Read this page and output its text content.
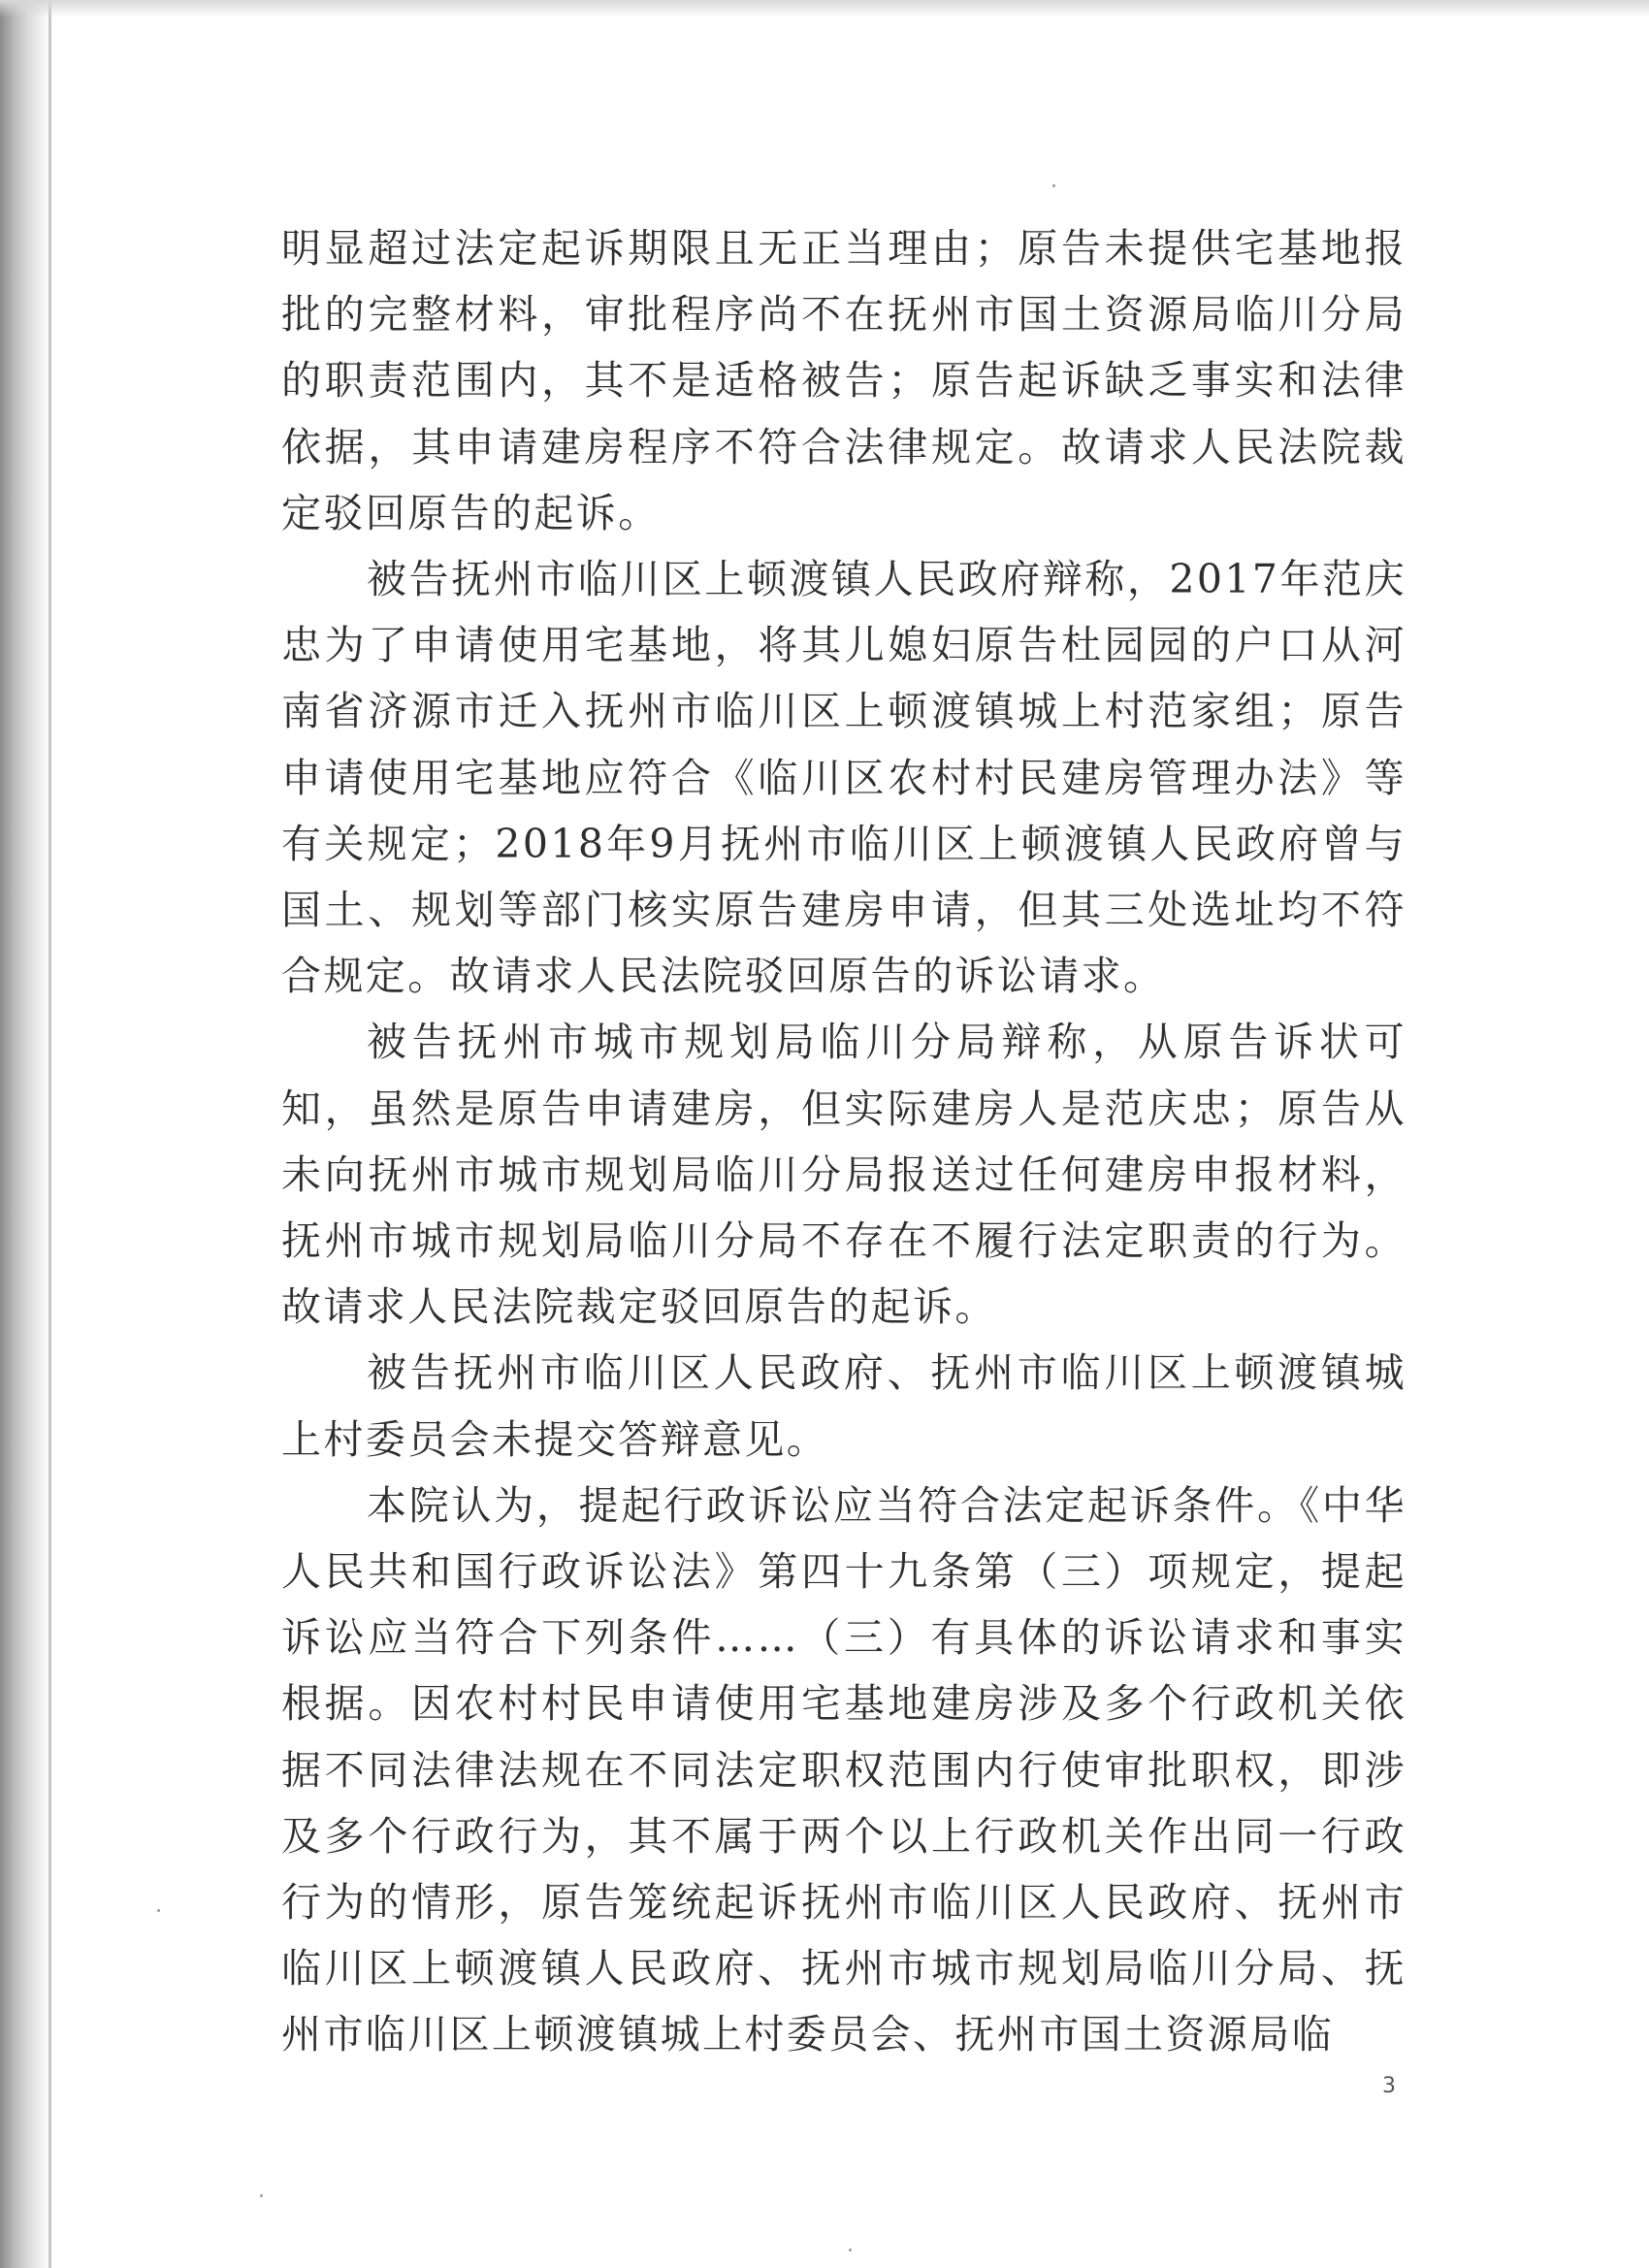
明显超过法定起诉期限且无正当理由；原告未提供宅基地报批的完整材料，审批程序尚不在抚州市国土资源局临川分局的职责范围内，其不是适格被告；原告起诉缺乏事实和法律依据，其申请建房程序不符合法律规定。故请求人民法院裁定驳回原告的起诉。

被告抚州市临川区上顿渡镇人民政府辩称，2017年范庆忠为了申请使用宅基地，将其儿媳妇原告杜园园的户口从河南省济源市迁入抚州市临川区上顿渡镇城上村范家组；原告申请使用宅基地应符合《临川区农村村民建房管理办法》等有关规定；2018年9月抚州市临川区上顿渡镇人民政府曾与国土、规划等部门核实原告建房申请，但其三处选址均不符合规定。故请求人民法院驳回原告的诉讼请求。

被告抚州市城市规划局临川分局辩称，从原告诉状可知，虽然是原告申请建房，但实际建房人是范庆忠；原告从未向抚州市城市规划局临川分局报送过任何建房申报材料，抚州市城市规划局临川分局不存在不履行法定职责的行为。故请求人民法院裁定驳回原告的起诉。

被告抚州市临川区人民政府、抚州市临川区上顿渡镇城上村委员会未提交答辩意见。

本院认为，提起行政诉讼应当符合法定起诉条件。《中华人民共和国行政诉讼法》第四十九条第（三）项规定，提起诉讼应当符合下列条件……（三）有具体的诉讼请求和事实根据。因农村村民申请使用宅基地建房涉及多个行政机关依据不同法律法规在不同法定职权范围内行使审批职权，即涉及多个行政行为，其不属于两个以上行政机关作出同一行政行为的情形，原告笼统起诉抚州市临川区人民政府、抚州市临川区上顿渡镇人民政府、抚州市城市规划局临川分局、抚州市临川区上顿渡镇城上村委员会、抚州市国土资源局临

3
